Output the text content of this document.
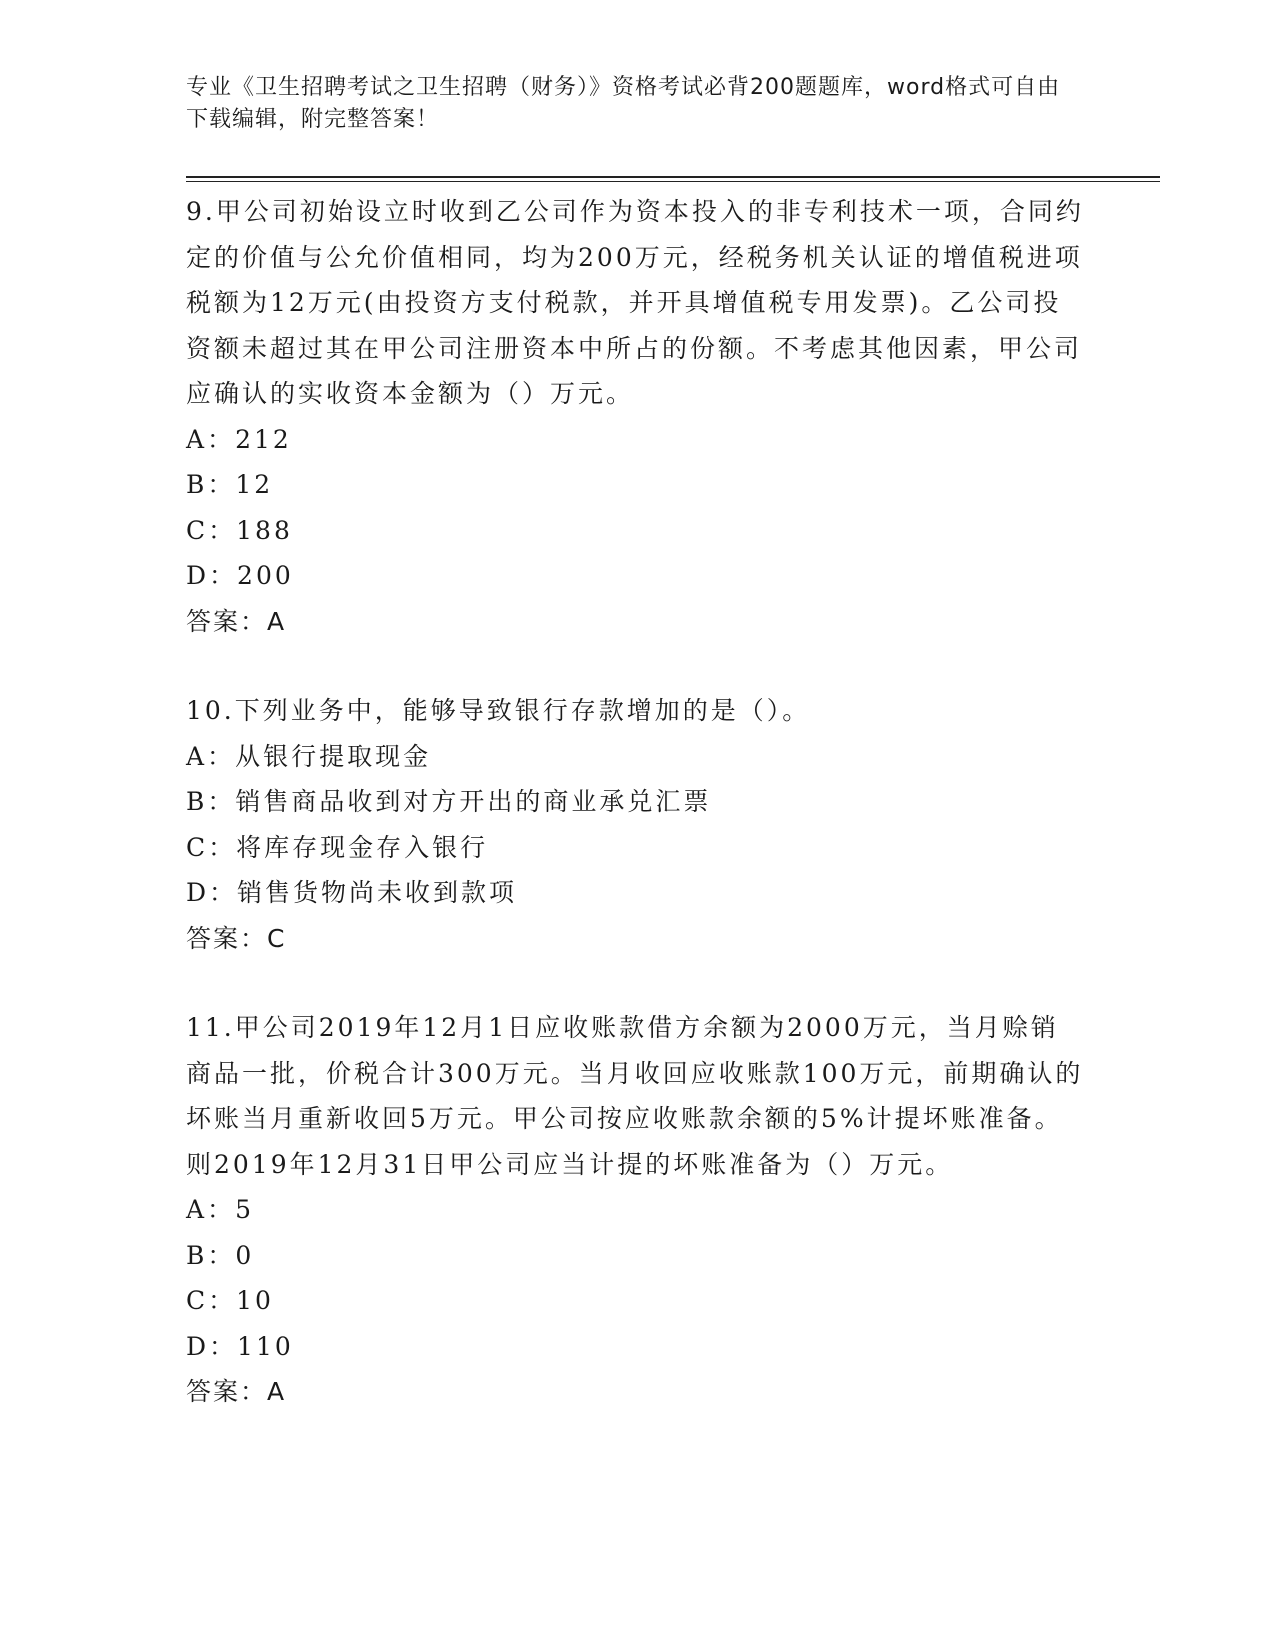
专业《卫生招聘考试之卫生招聘（财务）》资格考试必背200题题库，word格式可自由下载编辑，附完整答案！

9.甲公司初始设立时收到乙公司作为资本投入的非专利技术一项，合同约定的价值与公允价值相同，均为200万元，经税务机关认证的增值税进项税额为12万元(由投资方支付税款，并开具增值税专用发票)。乙公司投资额未超过其在甲公司注册资本中所占的份额。不考虑其他因素，甲公司应确认的实收资本金额为（）万元。

A：212

B：12

C：188

D：200

答案：A

10.下列业务中，能够导致银行存款增加的是（）。

A：从银行提取现金

B：销售商品收到对方开出的商业承兑汇票

C：将库存现金存入银行

D：销售货物尚未收到款项

答案：C

11.甲公司2019年12月1日应收账款借方余额为2000万元，当月赊销商品一批，价税合计300万元。当月收回应收账款100万元，前期确认的坏账当月重新收回5万元。甲公司按应收账款余额的5%计提坏账准备。则2019年12月31日甲公司应当计提的坏账准备为（）万元。

A：5

B：0

C：10

D：110

答案：A
